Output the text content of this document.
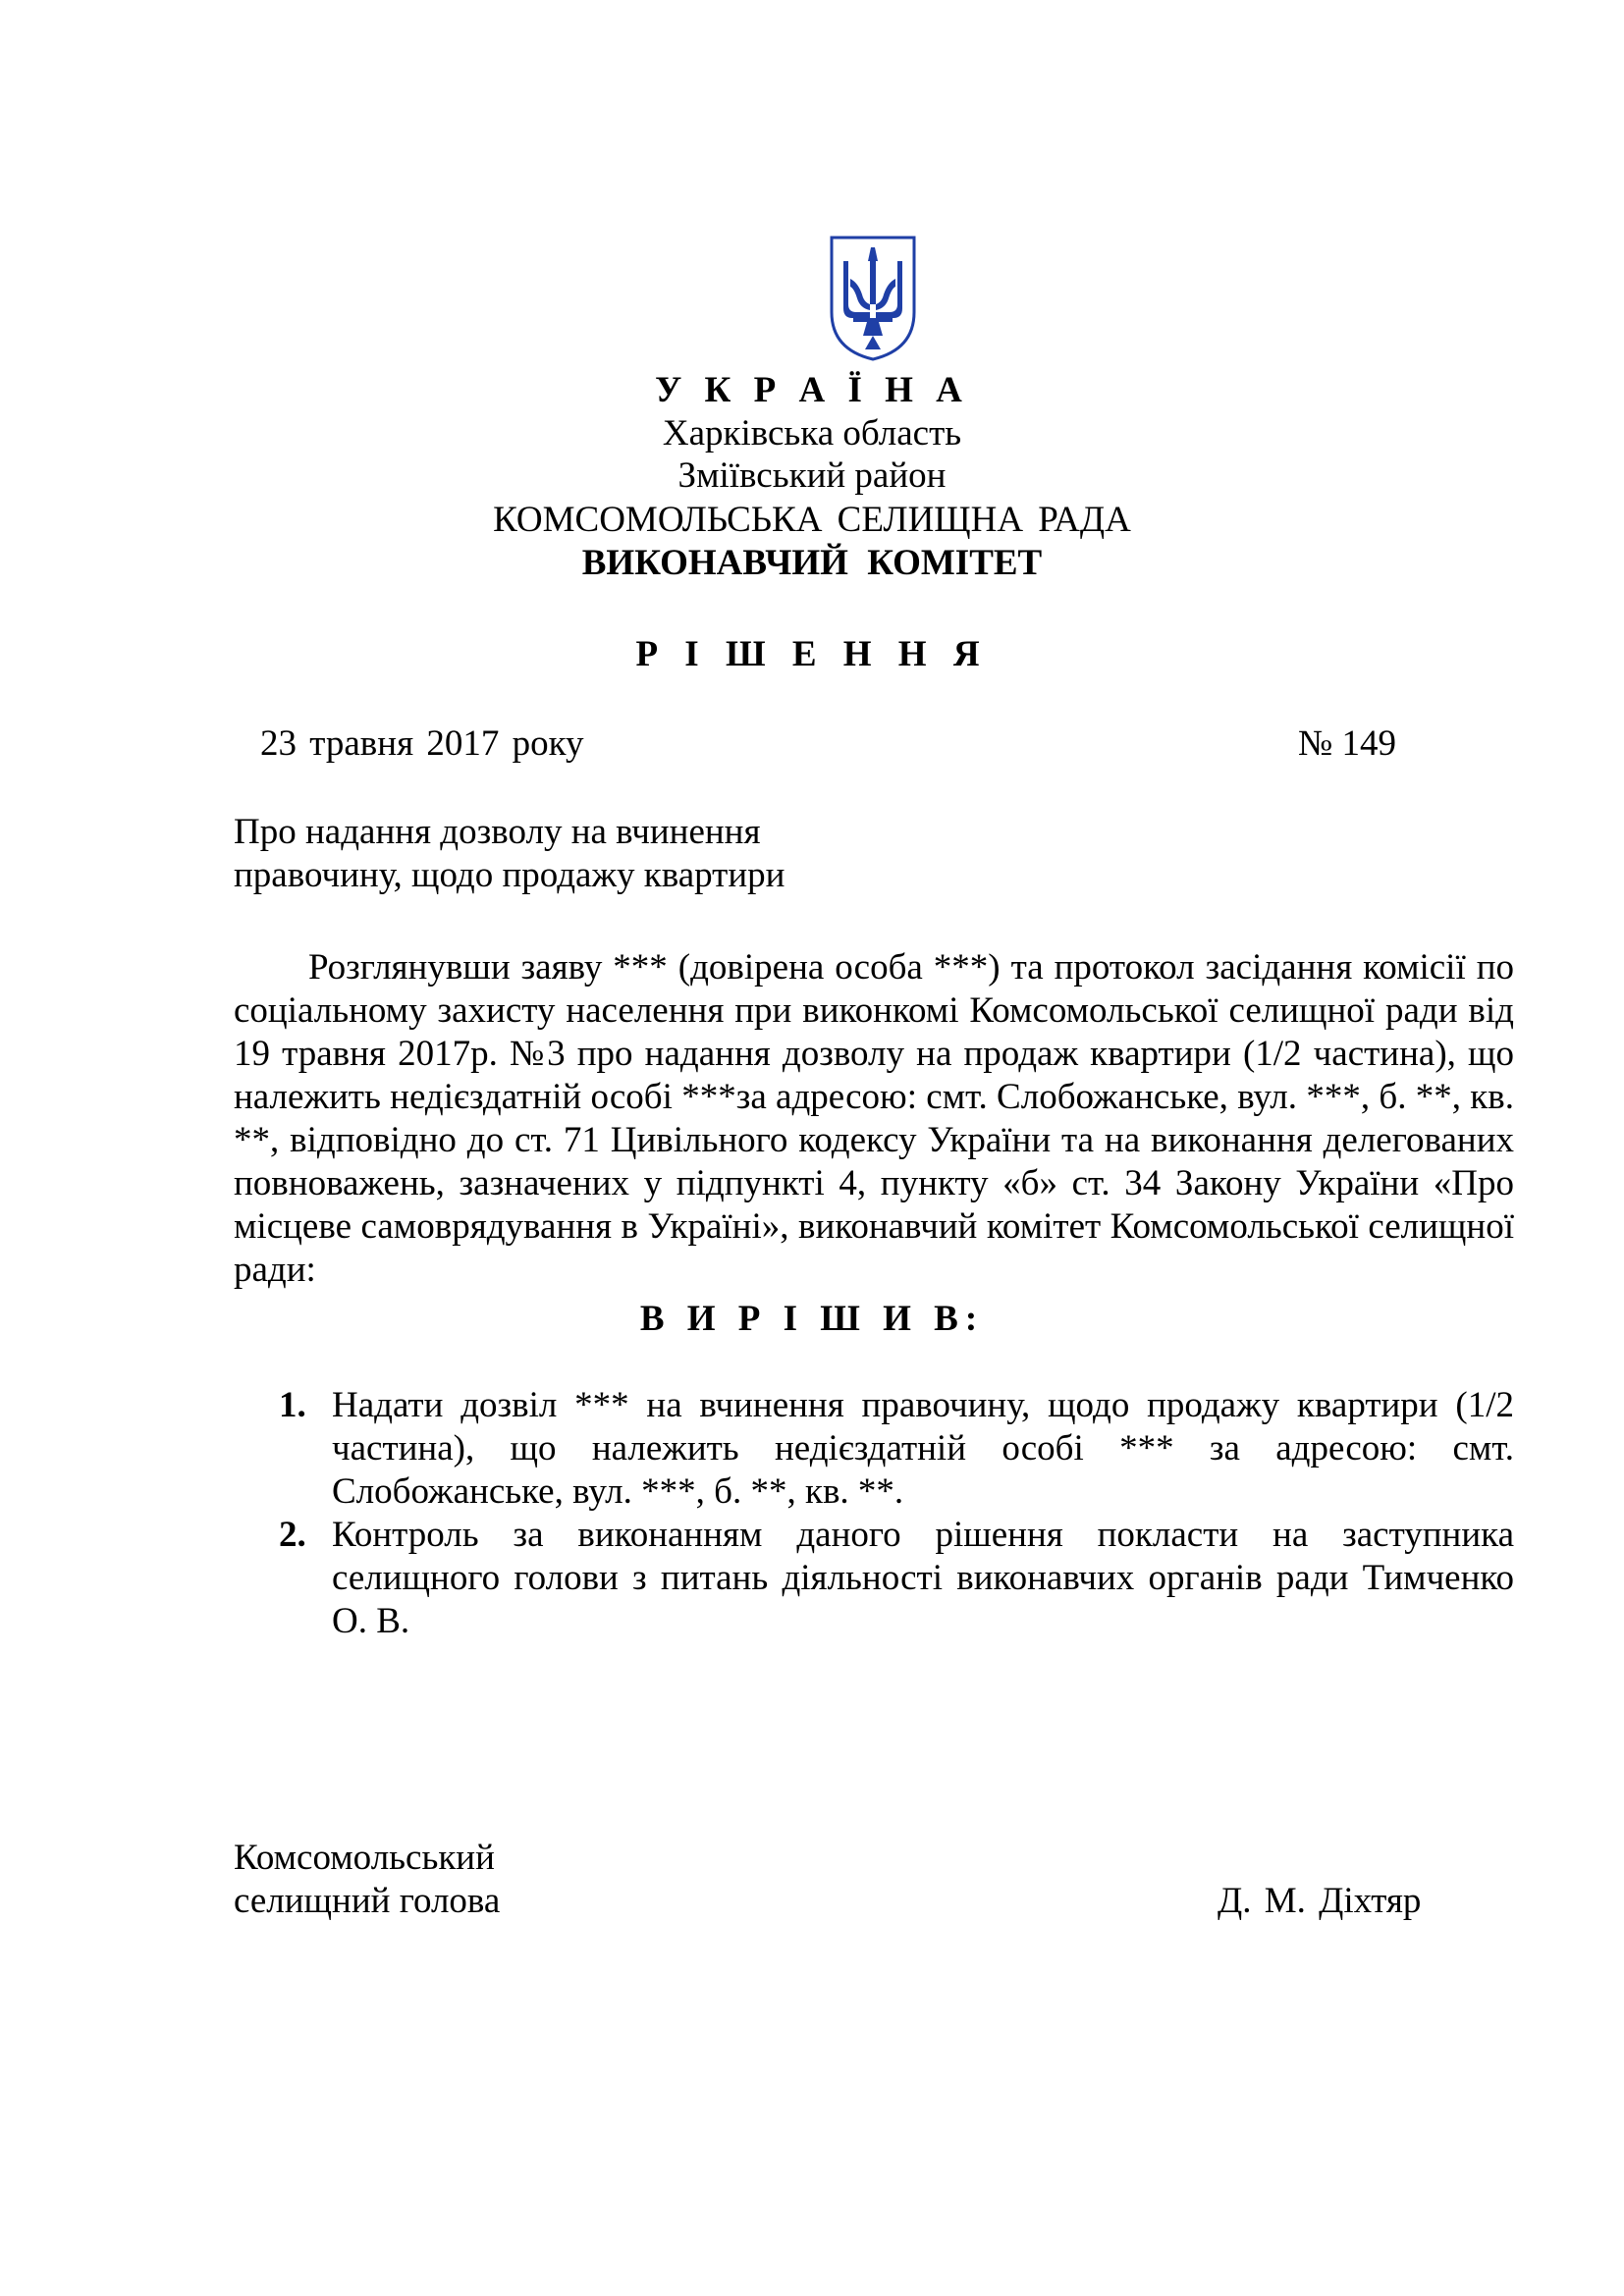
У К Р А Ї Н А
Харківська область
Зміївський район
КОМСОМОЛЬСЬКА СЕЛИЩНА РАДА
ВИКОНАВЧИЙ КОМІТЕТ
Р І Ш Е Н Н Я
23 травня 2017 року	№ 149
Про надання дозволу на вчинення
правочину, щодо продажу квартири

Розглянувши заяву *** (довірена особа ***) та протокол засідання комісії по соціальному захисту населення при виконкомі Комсомольської селищної ради від 19 травня 2017р. №3 про надання дозволу на продаж квартири (1/2 частина), що належить недієздатній особі ***за адресою: смт. Слобожанське, вул. ***, б. **, кв. **, відповідно до ст. 71 Цивільного кодексу України та на виконання делегованих повноважень, зазначених у підпункті 4, пункту «б» ст. 34 Закону України «Про місцеве самоврядування в Україні», виконавчий комітет Комсомольської селищної ради:

В И Р І Ш И В:
1. Надати дозвіл *** на вчинення правочину, щодо продажу квартири (1/2 частина), що належить недієздатній особі *** за адресою: смт. Слобожанське, вул. ***, б. **, кв. **.
2. Контроль за виконанням даного рішення покласти на заступника селищного голови з питань діяльності виконавчих органів ради Тимченко О. В.
Комсомольський
селищний голова	Д. М. Діхтяр
